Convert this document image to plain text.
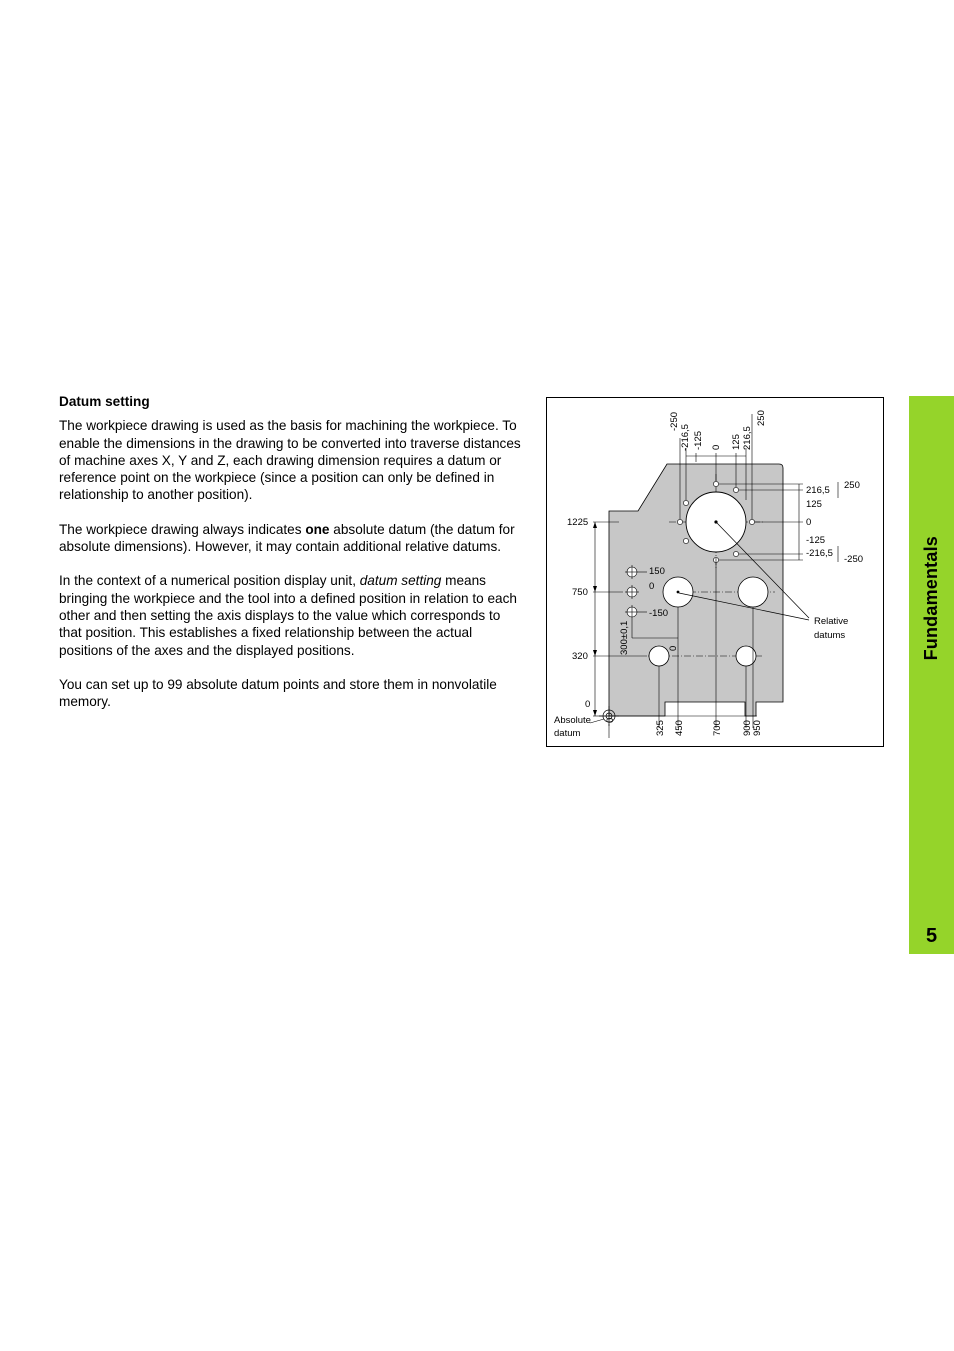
Datum setting

The workpiece drawing is used as the basis for machining the workpiece. To enable the dimensions in the drawing to be converted into traverse distances of machine axes X, Y and Z, each drawing dimension requires a datum or reference point on the workpiece (since a position can only be defined in relationship to another position).

The workpiece drawing always indicates one absolute datum (the datum for absolute dimensions). However, it may contain additional relative datums.

In the context of a numerical position display unit, datum setting means bringing the workpiece and the tool into a defined position in relation to each other and then setting the axis displays to the value which corresponds to that position. This establishes a fixed relationship between the actual positions of the axes and the displayed positions.

You can set up to 99 absolute datum points and store them in nonvolatile memory.

1225
750
320
0
0	325 450	700 900 950
-250
-216,5 -125 0 125 216,5
250
216,5 250
125
0
-125
-216,5
-250
150
0
-150
300±0,1	0
Absolute
datum
Relative
datums	Fundamentals
5
